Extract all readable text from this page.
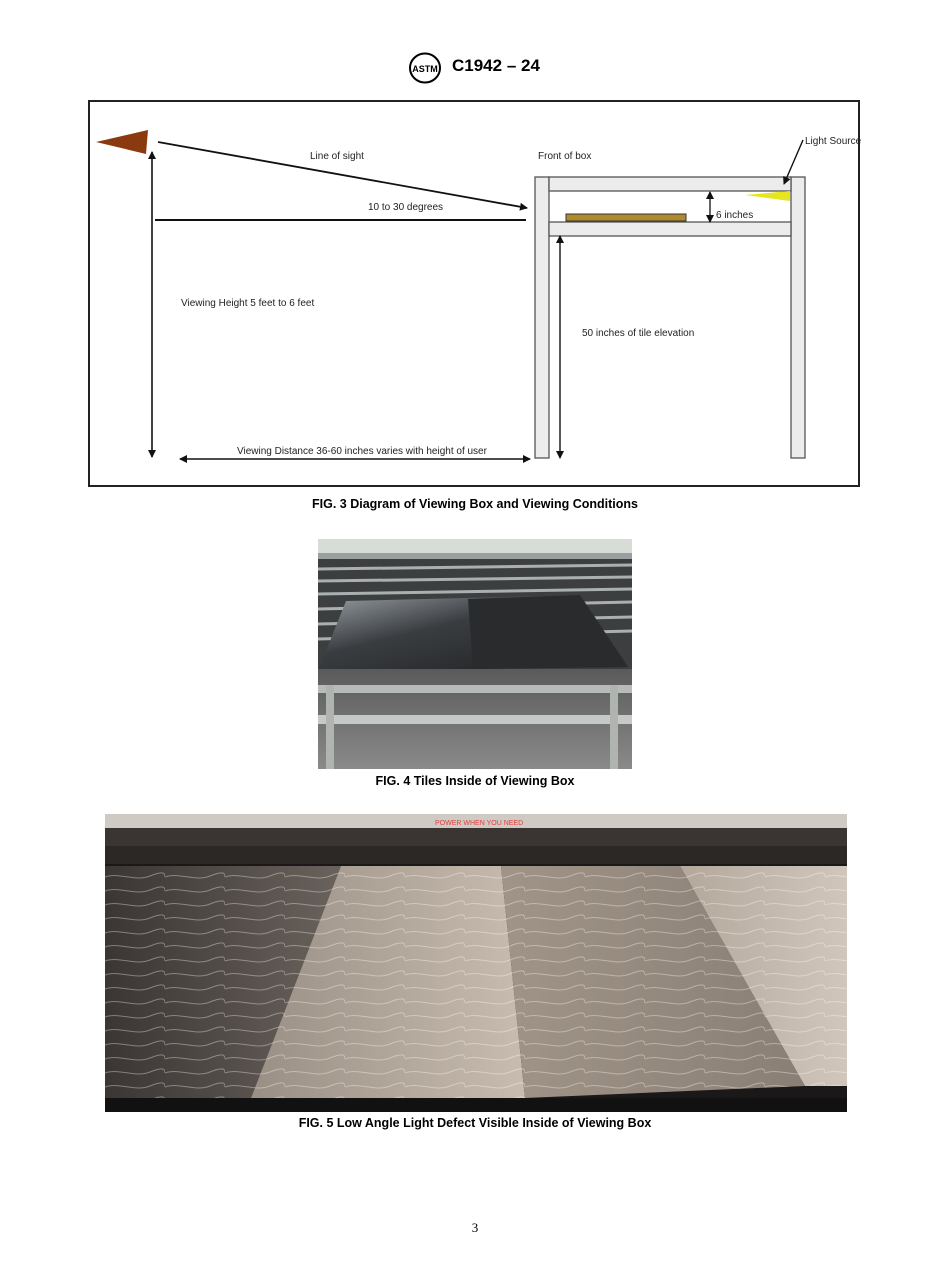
ASTM C1942 – 24
Line of sight	Front of box
Light Source
10 to 30 degrees
6 inches
Viewing Height 5 feet to 6 feet
50 inches of tile elevation
Viewing Distance 36-60 inches varies with height of user
FIG. 3 Diagram of Viewing Box and Viewing Conditions
FIG. 4 Tiles Inside of Viewing Box
POWER WHEN YOU NEED
FIG. 5 Low Angle Light Defect Visible Inside of Viewing Box
3
